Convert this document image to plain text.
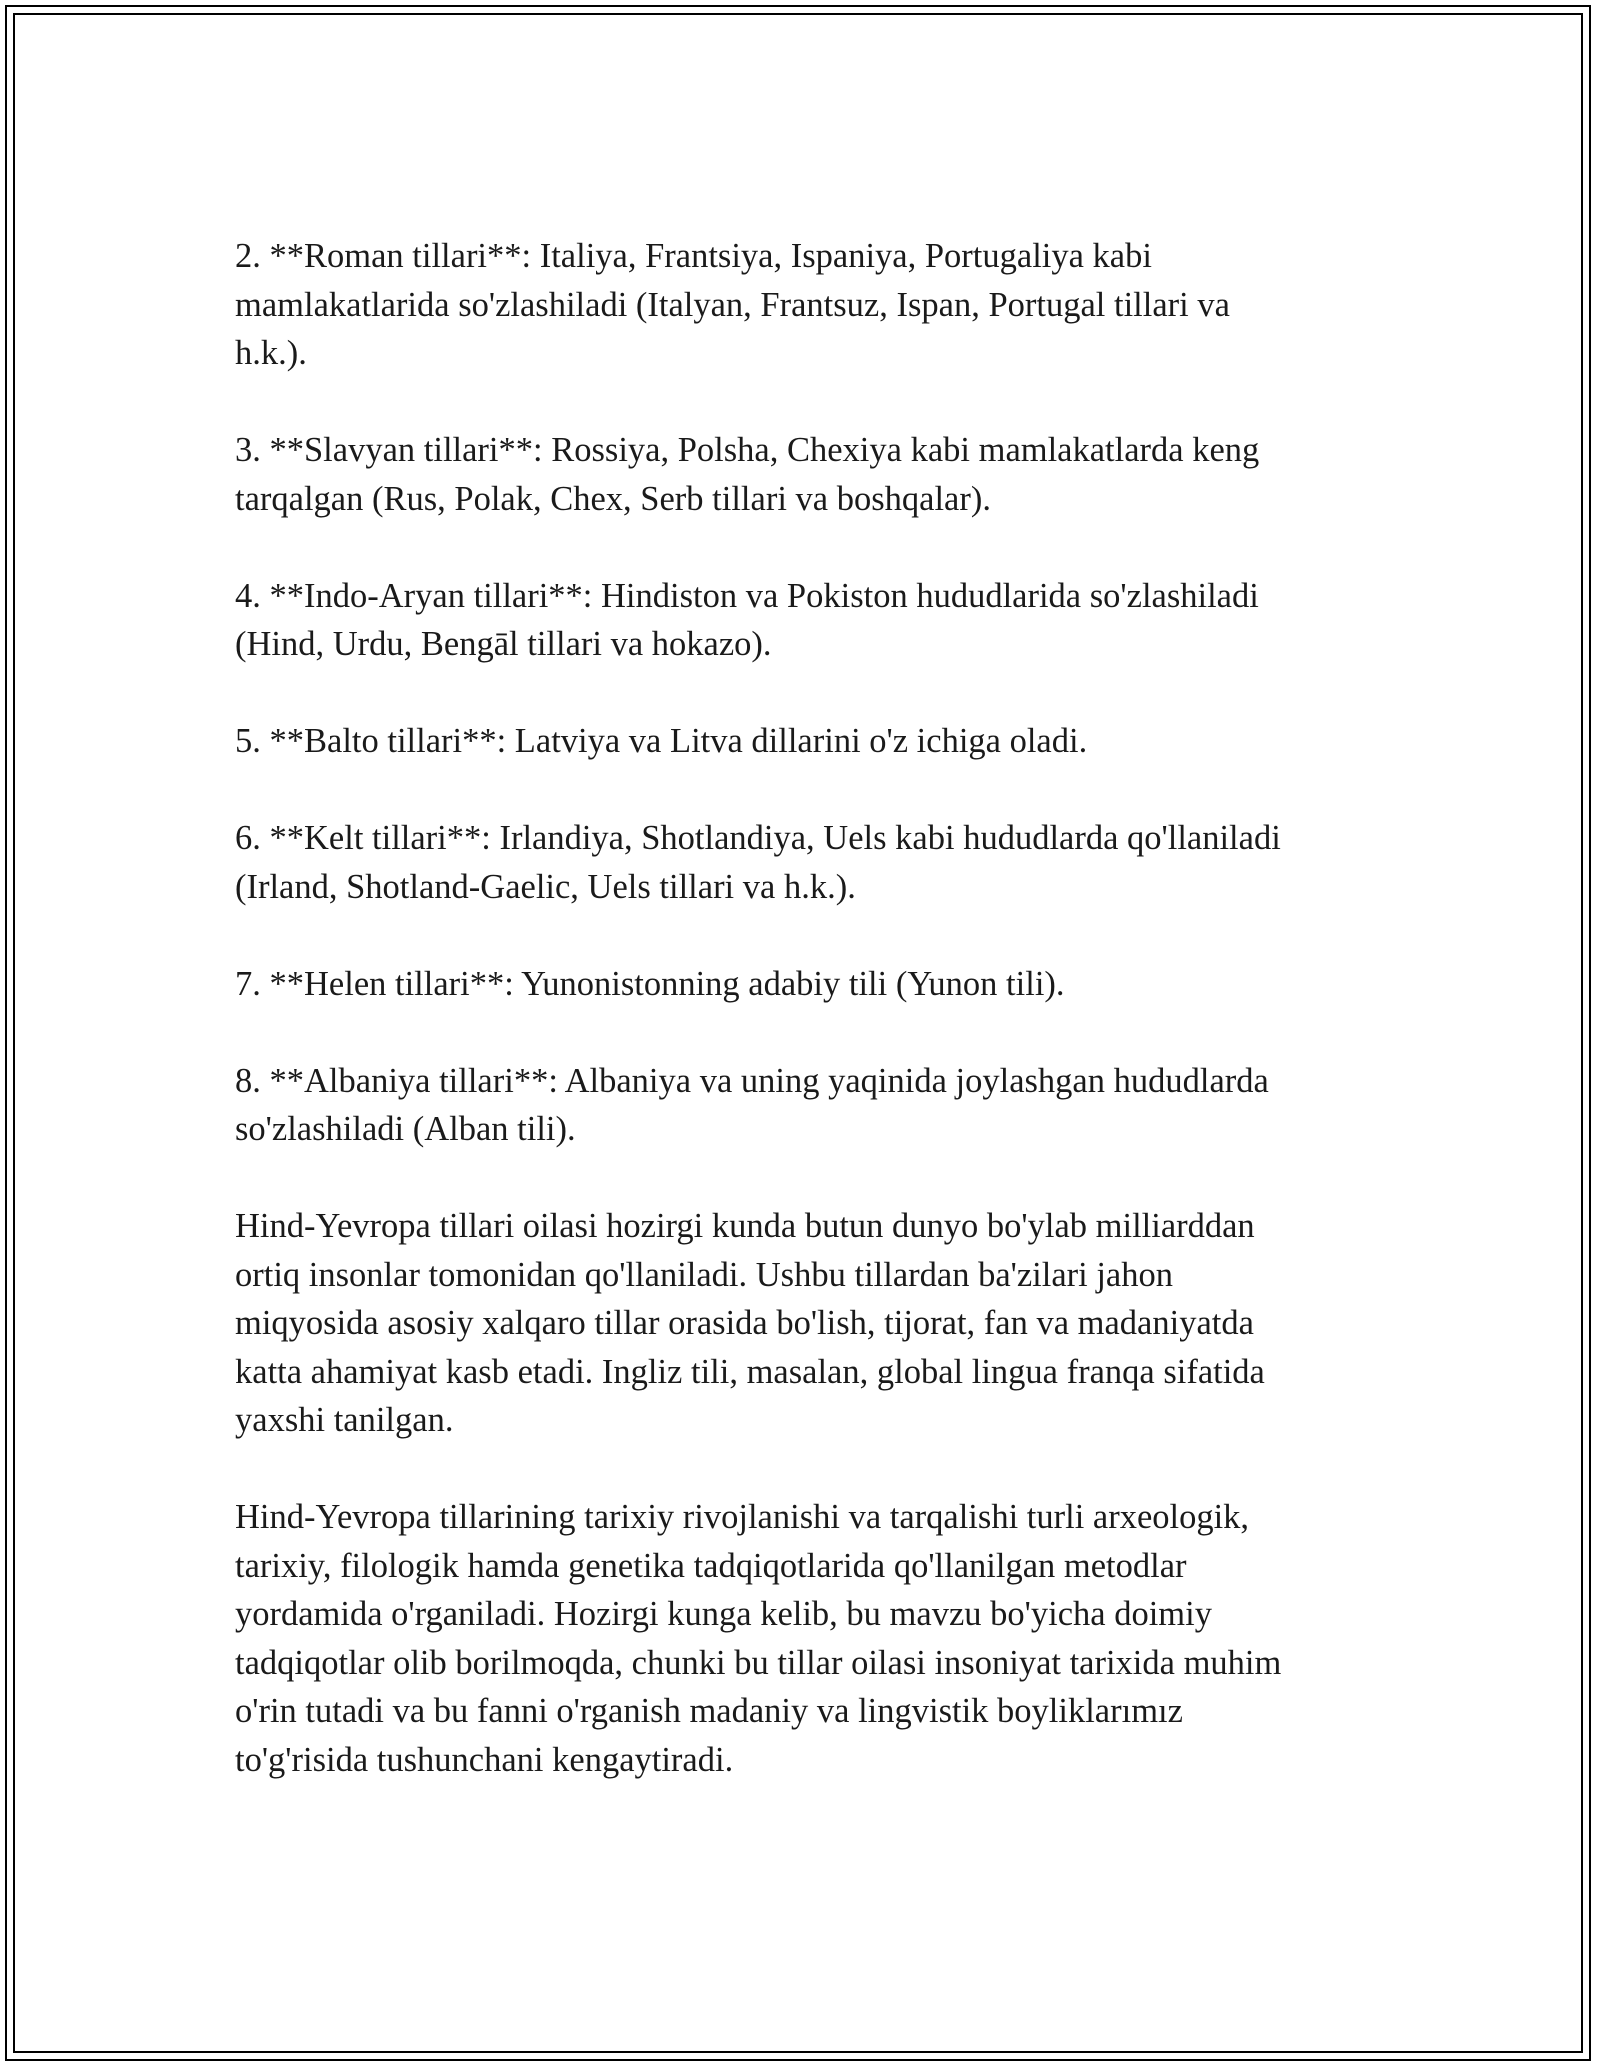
2. **Roman tillari**: Italiya, Frantsiya, Ispaniya, Portugaliya kabi
mamlakatlarida so'zlashiladi (Italyan, Frantsuz, Ispan, Portugal tillari va
h.k.).

3. **Slavyan tillari**: Rossiya, Polsha, Chexiya kabi mamlakatlarda keng
tarqalgan (Rus, Polak, Chex, Serb tillari va boshqalar).

4. **Indo-Aryan tillari**: Hindiston va Pokiston hududlarida so'zlashiladi
(Hind, Urdu, Bengāl tillari va hokazo).

5. **Balto tillari**: Latviya va Litva dillarini o'z ichiga oladi.

6. **Kelt tillari**: Irlandiya, Shotlandiya, Uels kabi hududlarda qo'llaniladi
(Irland, Shotland-Gaelic, Uels tillari va h.k.).

7. **Helen tillari**: Yunonistonning adabiy tili (Yunon tili).

8. **Albaniya tillari**: Albaniya va uning yaqinida joylashgan hududlarda
so'zlashiladi (Alban tili).

Hind-Yevropa tillari oilasi hozirgi kunda butun dunyo bo'ylab milliarddan
ortiq insonlar tomonidan qo'llaniladi. Ushbu tillardan ba'zilari jahon
miqyosida asosiy xalqaro tillar orasida bo'lish, tijorat, fan va madaniyatda
katta ahamiyat kasb etadi. Ingliz tili, masalan, global lingua franqa sifatida
yaxshi tanilgan.

Hind-Yevropa tillarining tarixiy rivojlanishi va tarqalishi turli arxeologik,
tarixiy, filologik hamda genetika tadqiqotlarida qo'llanilgan metodlar
yordamida o'rganiladi. Hozirgi kunga kelib, bu mavzu bo'yicha doimiy
tadqiqotlar olib borilmoqda, chunki bu tillar oilasi insoniyat tarixida muhim
o'rin tutadi va bu fanni o'rganish madaniy va lingvistik boyliklarımız
to'g'risida tushunchani kengaytiradi.
